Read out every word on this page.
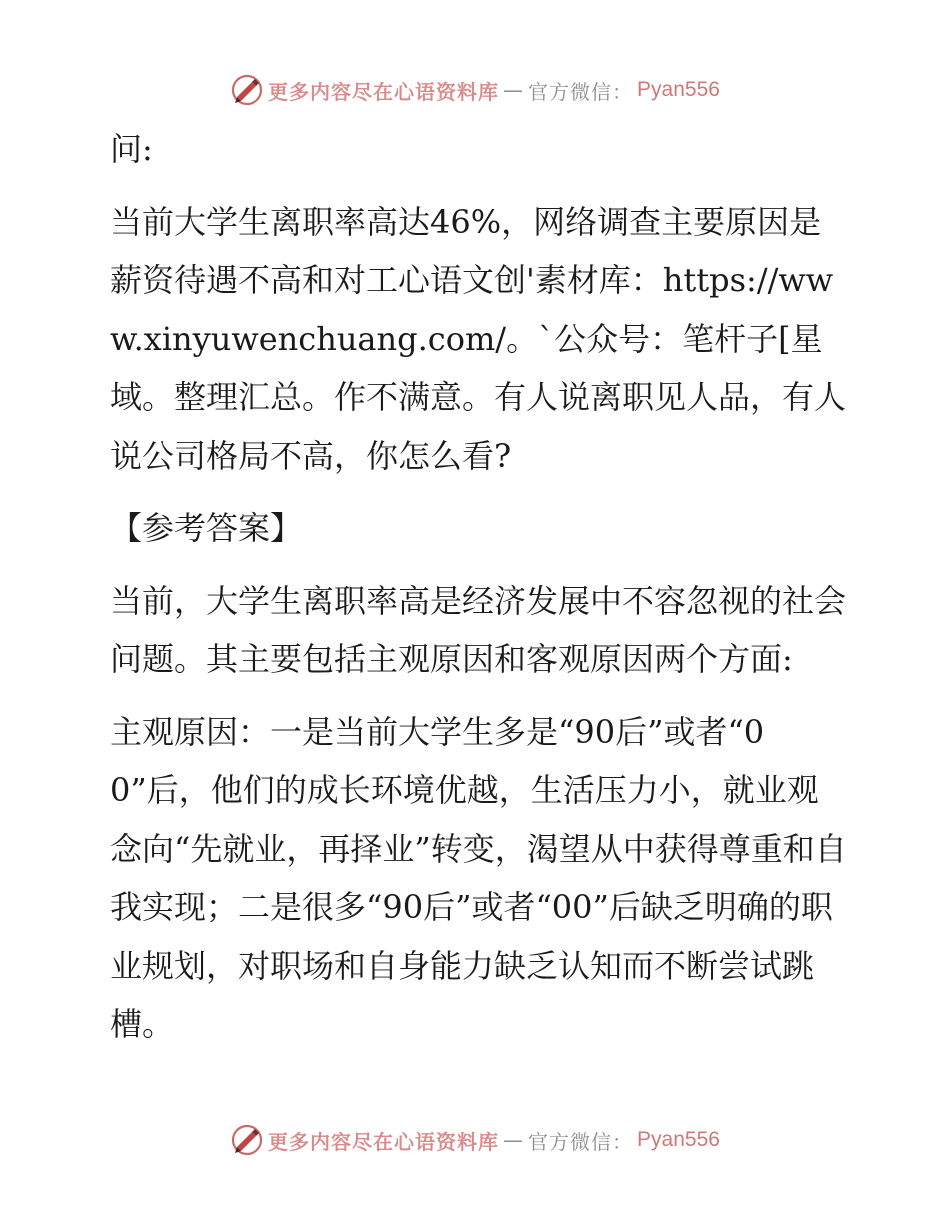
更多内容尽在心语资料库 — 官方微信： Pyan556

问:

当前大学生离职率高达46%，网络调查主要原因是薪资待遇不高和对工心语文创'素材库：https://www.xinyuwenchuang.com/。`公众号：笔杆子[星域。整理汇总。作不满意。有人说离职见人品，有人说公司格局不高，你怎么看?

【参考答案】

当前，大学生离职率高是经济发展中不容忽视的社会问题。其主要包括主观原因和客观原因两个方面:

主观原因：一是当前大学生多是“90后”或者“00”后，他们的成长环境优越，生活压力小，就业观念向“先就业，再择业”转变，渴望从中获得尊重和自我实现；二是很多“90后”或者“00”后缺乏明确的职业规划，对职场和自身能力缺乏认知而不断尝试跳槽。

更多内容尽在心语资料库 — 官方微信： Pyan556
